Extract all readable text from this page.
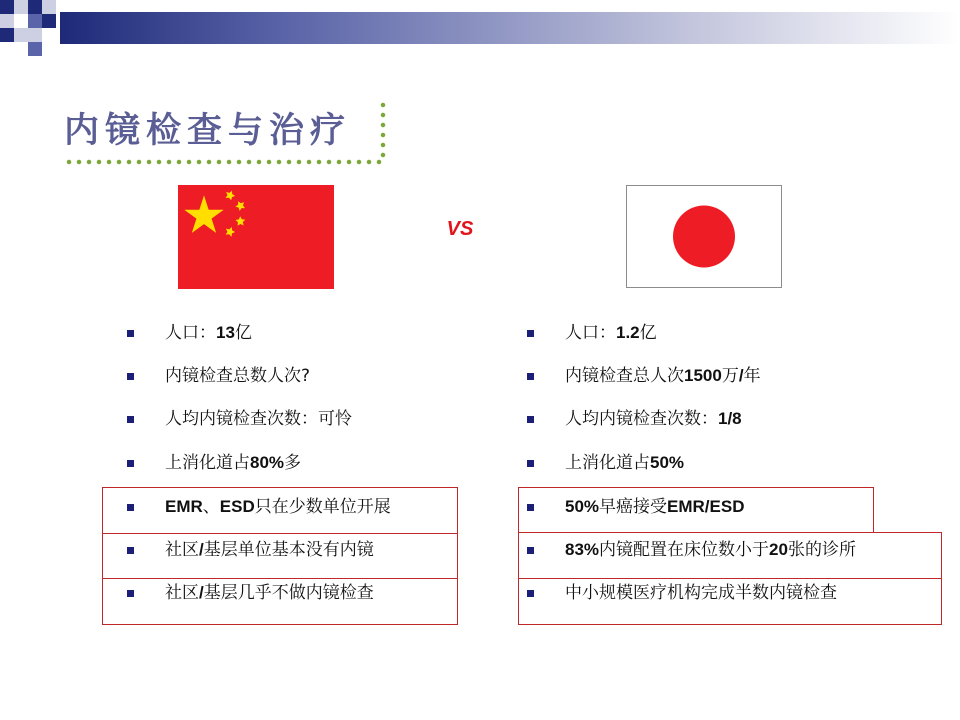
内镜检查与治疗
VS
人口：13亿
内镜检查总数人次?
人均内镜检查次数：可怜
上消化道占80%多
EMR、ESD只在少数单位开展
社区/基层单位基本没有内镜
社区/基层几乎不做内镜检查
人口：1.2亿
内镜检查总人次1500万/年
人均内镜检查次数：1/8
上消化道占50%
50%早癌接受EMR/ESD
83%内镜配置在床位数小于20张的诊所
中小规模医疗机构完成半数内镜检查
